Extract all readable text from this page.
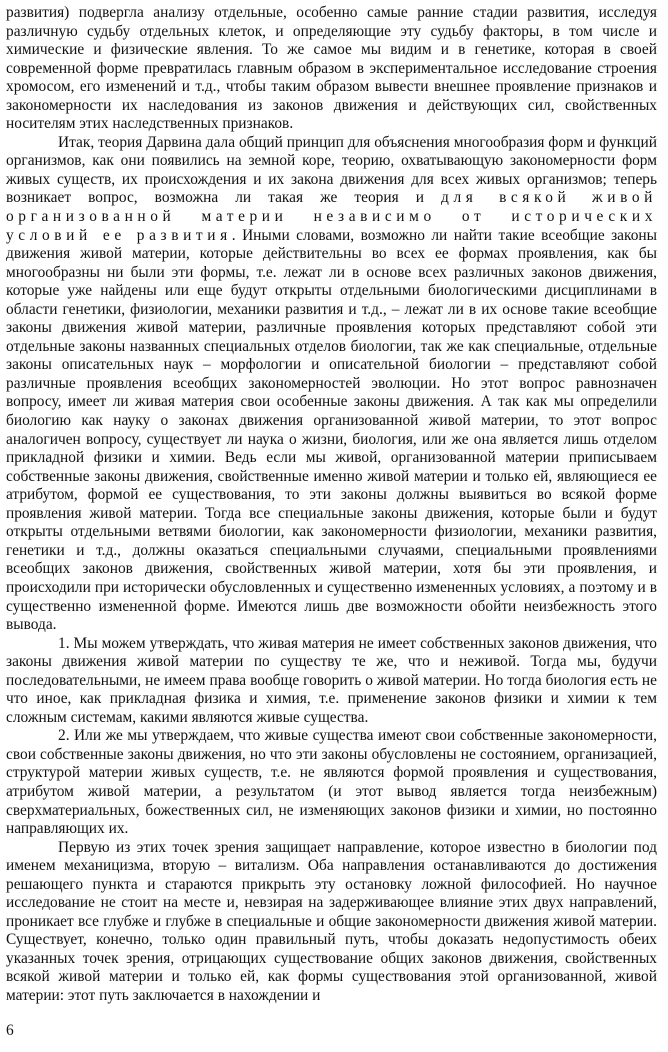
развития) подвергла анализу отдельные, особенно самые ранние стадии развития, исследуя различную судьбу отдельных клеток, и определяющие эту судьбу факторы, в том числе и химические и физические явления. То же самое мы видим и в генетике, которая в своей современной форме превратилась главным образом в экспериментальное исследование строения хромосом, его изменений и т.д., чтобы таким образом вывести внешнее проявление признаков и закономерности их наследования из законов движения и действующих сил, свойственных носителям этих наследственных признаков.

Итак, теория Дарвина дала общий принцип для объяснения многообразия форм и функций организмов, как они появились на земной коре, теорию, охватывающую закономерности форм живых существ, их происхождения и их закона движения для всех живых организмов; теперь возникает вопрос, возможна ли такая же теория и для всякой живой организованной материи независимо от исторических условий ее развития. Иными словами, возможно ли найти такие всеобщие законы движения живой материи, которые действительны во всех ее формах проявления, как бы многообразны ни были эти формы, т.е. лежат ли в основе всех различных законов движения, которые уже найдены или еще будут открыты отдельными биологическими дисциплинами в области генетики, физиологии, механики развития и т.д., – лежат ли в их основе такие всеобщие законы движения живой материи, различные проявления которых представляют собой эти отдельные законы названных специальных отделов биологии, так же как специальные, отдельные законы описательных наук – морфологии и описательной биологии – представляют собой различные проявления всеобщих закономерностей эволюции. Но этот вопрос равнозначен вопросу, имеет ли живая материя свои особенные законы движения. А так как мы определили биологию как науку о законах движения организованной живой материи, то этот вопрос аналогичен вопросу, существует ли наука о жизни, биология, или же она является лишь отделом прикладной физики и химии. Ведь если мы живой, организованной материи приписываем собственные законы движения, свойственные именно живой материи и только ей, являющиеся ее атрибутом, формой ее существования, то эти законы должны выявиться во всякой форме проявления живой материи. Тогда все специальные законы движения, которые были и будут открыты отдельными ветвями биологии, как закономерности физиологии, механики развития, генетики и т.д., должны оказаться специальными случаями, специальными проявлениями всеобщих законов движения, свойственных живой материи, хотя бы эти проявления, и происходили при исторически обусловленных и существенно измененных условиях, а поэтому и в существенно измененной форме. Имеются лишь две возможности обойти неизбежность этого вывода.

1. Мы можем утверждать, что живая материя не имеет собственных законов движения, что законы движения живой материи по существу те же, что и неживой. Тогда мы, будучи последовательными, не имеем права вообще говорить о живой материи. Но тогда биология есть не что иное, как прикладная физика и химия, т.е. применение законов физики и химии к тем сложным системам, какими являются живые существа.

2. Или же мы утверждаем, что живые существа имеют свои собственные закономерности, свои собственные законы движения, но что эти законы обусловлены не состоянием, организацией, структурой материи живых существ, т.е. не являются формой проявления и существования, атрибутом живой материи, а результатом (и этот вывод является тогда неизбежным) сверхматериальных, божественных сил, не изменяющих законов физики и химии, но постоянно направляющих их.

Первую из этих точек зрения защищает направление, которое известно в биологии под именем механицизма, вторую – витализм. Оба направления останавливаются до достижения решающего пункта и стараются прикрыть эту остановку ложной философией. Но научное исследование не стоит на месте и, невзирая на задерживающее влияние этих двух направлений, проникает все глубже и глубже в специальные и общие закономерности движения живой материи. Существует, конечно, только один правильный путь, чтобы доказать недопустимость обеих указанных точек зрения, отрицающих существование общих законов движения, свойственных всякой живой материи и только ей, как формы существования этой организованной, живой материи: этот путь заключается в нахождении и

6
